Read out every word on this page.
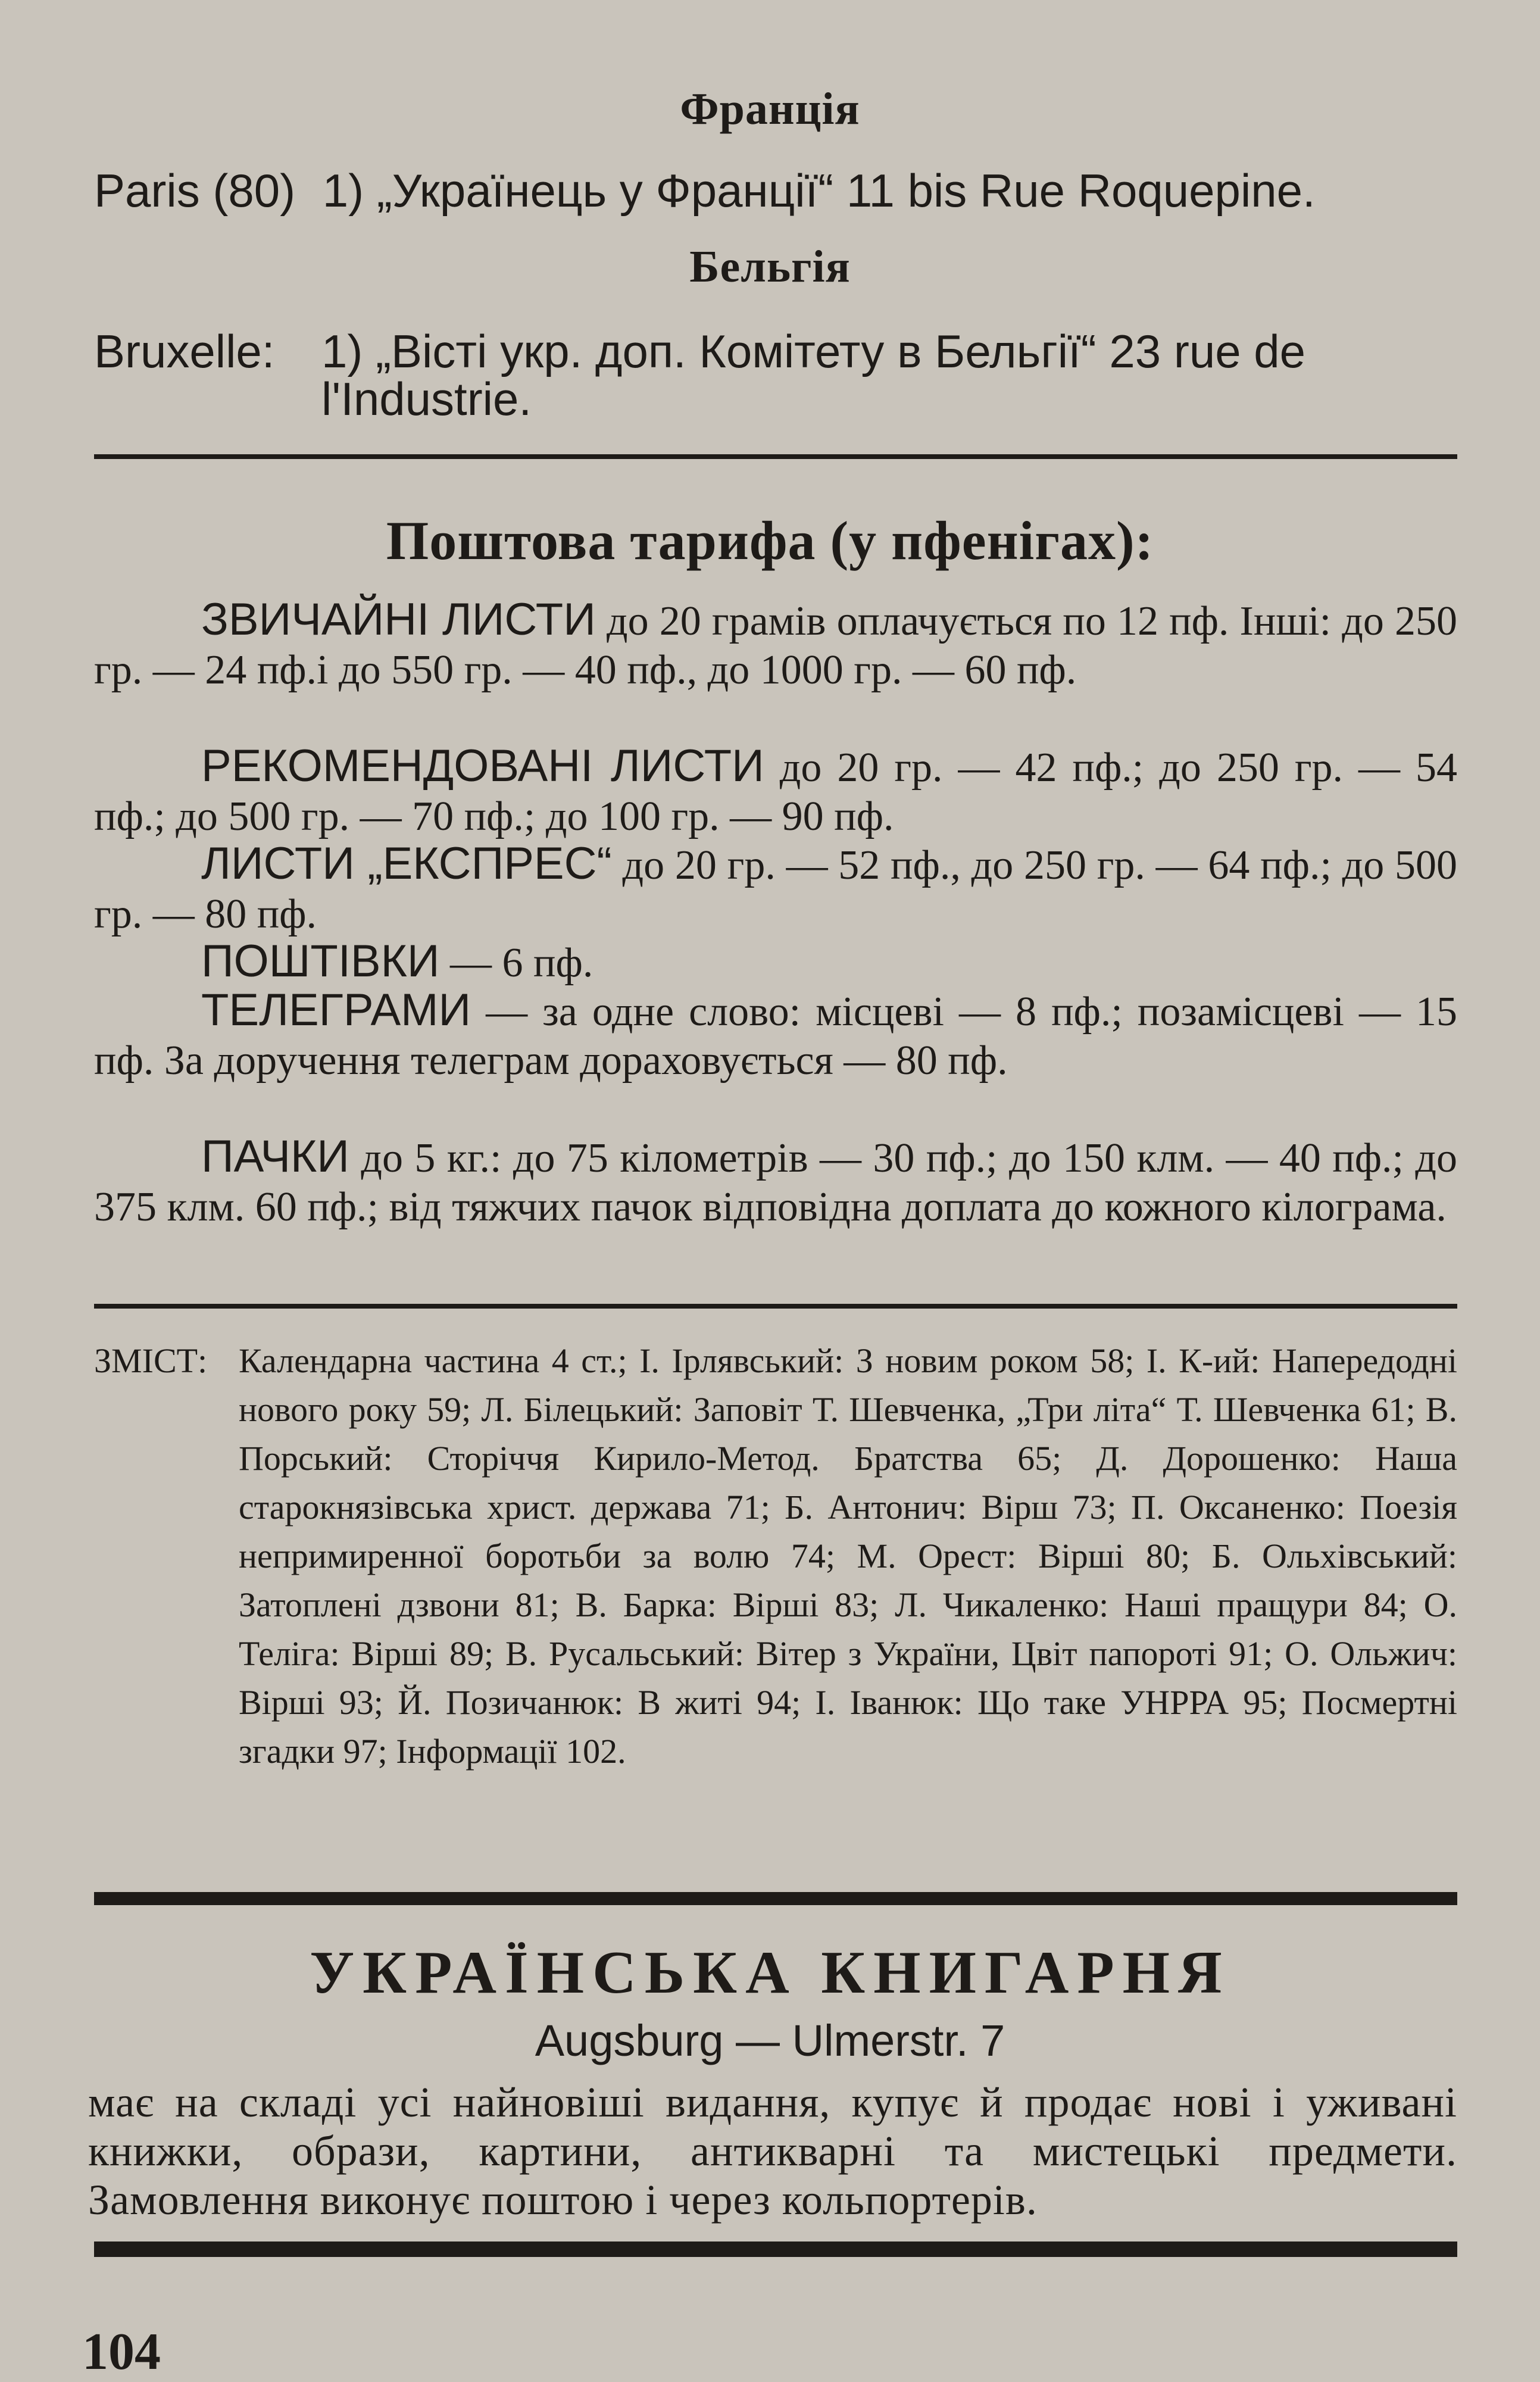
Франція
Paris (80) 1) „Українець у Франції“ 11 bis Rue Roquepine.
Бельгія
Bruxelle: 1) „Вісті укр. доп. Комітету в Бельгії“ 23 rue de
l'Industrie.
Поштова тарифа (у пфенігах):
ЗВИЧАЙНІ ЛИСТИ до 20 грамів оплачується по 12 пф. Інші: до 250 гр. — 24 пф.і до 550 гр. — 40 пф., до 1000 гр. — 60 пф.
РЕКОМЕНДОВАНІ ЛИСТИ до 20 гр. — 42 пф.; до 250 гр. — 54 пф.; до 500 гр. — 70 пф.; до 100 гр. — 90 пф.
ЛИСТИ „ЕКСПРЕС“ до 20 гр. — 52 пф., до 250 гр. — 64 пф.; до 500 гр. — 80 пф.
ПОШТІВКИ — 6 пф.
ТЕЛЕГРАМИ — за одне слово: місцеві — 8 пф.; позамісцеві — 15 пф. За доручення телеграм дораховується — 80 пф.
ПАЧКИ до 5 кг.: до 75 кілометрів — 30 пф.; до 150 клм. — 40 пф.; до 375 клм. 60 пф.; від тяжчих пачок відповідна доплата до кожного кілограма.
ЗМІСТ: Календарна частина 4 ст.; І. Ірлявський: З новим роком 58; І. К-ий: Напередодні нового року 59; Л. Білецький: Заповіт Т. Шевченка, „Три літа“ Т. Шевченка 61; В. Порський: Сторіччя Кирило-Метод. Братства 65; Д. Дорошенко: Наша старокнязівська христ. держава 71; Б. Антонич: Вірш 73; П. Оксаненко: Поезія непримиренної боротьби за волю 74; М. Орест: Вірші 80; Б. Ольхівський: Затоплені дзвони 81; В. Барка: Вірші 83; Л. Чикаленко: Наші пращури 84; О. Теліга: Вірші 89; В. Русальський: Вітер з України, Цвіт папороті 91; О. Ольжич: Вірші 93; Й. Позичанюк: В житі 94; І. Іванюк: Що таке УНРРА 95; Посмертні згадки 97; Інформації 102.
УКРАЇНСЬКА КНИГАРНЯ
Augsburg — Ulmerstr. 7
має на складі усі найновіші видання, купує й продає нові і уживані книжки, образи, картини, антикварні та мистецькі предмети. Замовлення виконує поштою і через кольпортерів.
104
